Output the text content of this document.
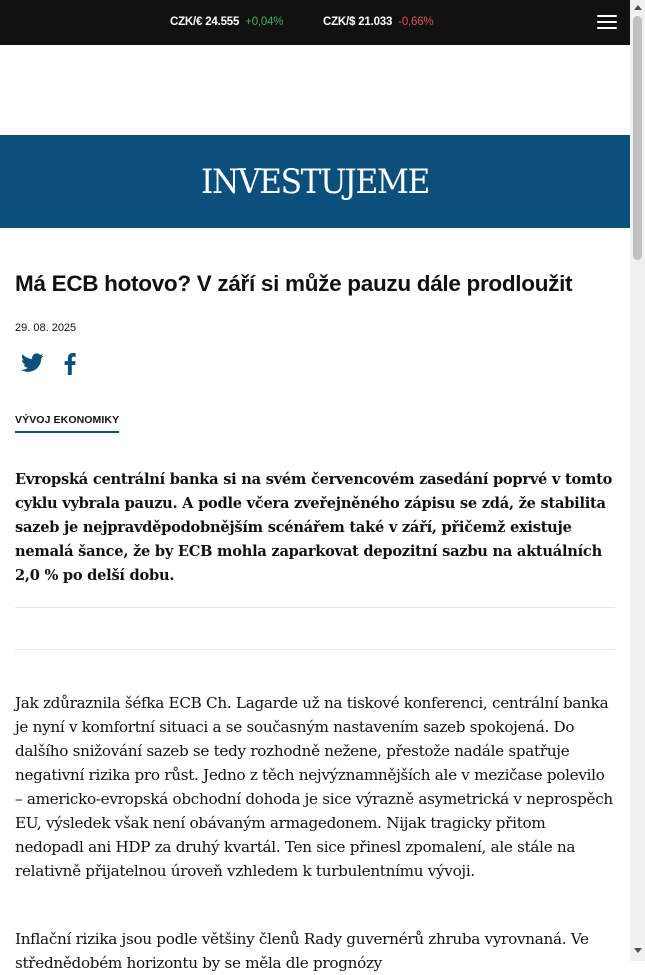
CZK/€ 24.555 +0,04%	CZK/$ 21.033 -0,66%
INVESTUJEME
Má ECB hotovo? V září si může pauzu dále prodloužit
29. 08. 2025
VÝVOJ EKONOMIKY

Evropská centrální banka si na svém červencovém zasedání poprvé v tomto cyklu vybrala pauzu. A podle včera zveřejněného zápisu se zdá, že stabilita sazeb je nejpravděpodobnějším scénářem také v září, přičemž existuje nemalá šance, že by ECB mohla zaparkovat depozitní sazbu na aktuálních 2,0 % po delší dobu.

Jak zdůraznila šéfka ECB Ch. Lagarde už na tiskové konferenci, centrální banka je nyní v komfortní situaci a se současným nastavením sazeb spokojená. Do dalšího snižování sazeb se tedy rozhodně nežene, přestože nadále spatřuje negativní rizika pro růst. Jedno z těch nejvýznamnějších ale v mezičase polevilo – americko-evropská obchodní dohoda je sice výrazně asymetrická v neprospěch EU, výsledek však není obávaným armagedonem. Nijak tragicky přitom nedopadl ani HDP za druhý kvartál. Ten sice přinesl zpomalení, ale stále na relativně přijatelnou úroveň vzhledem k turbulentnímu vývoji.

Inflační rizika jsou podle většiny členů Rady guvernérů zhruba vyrovnaná. Ve střednědobém horizontu by se měla dle prognózy
